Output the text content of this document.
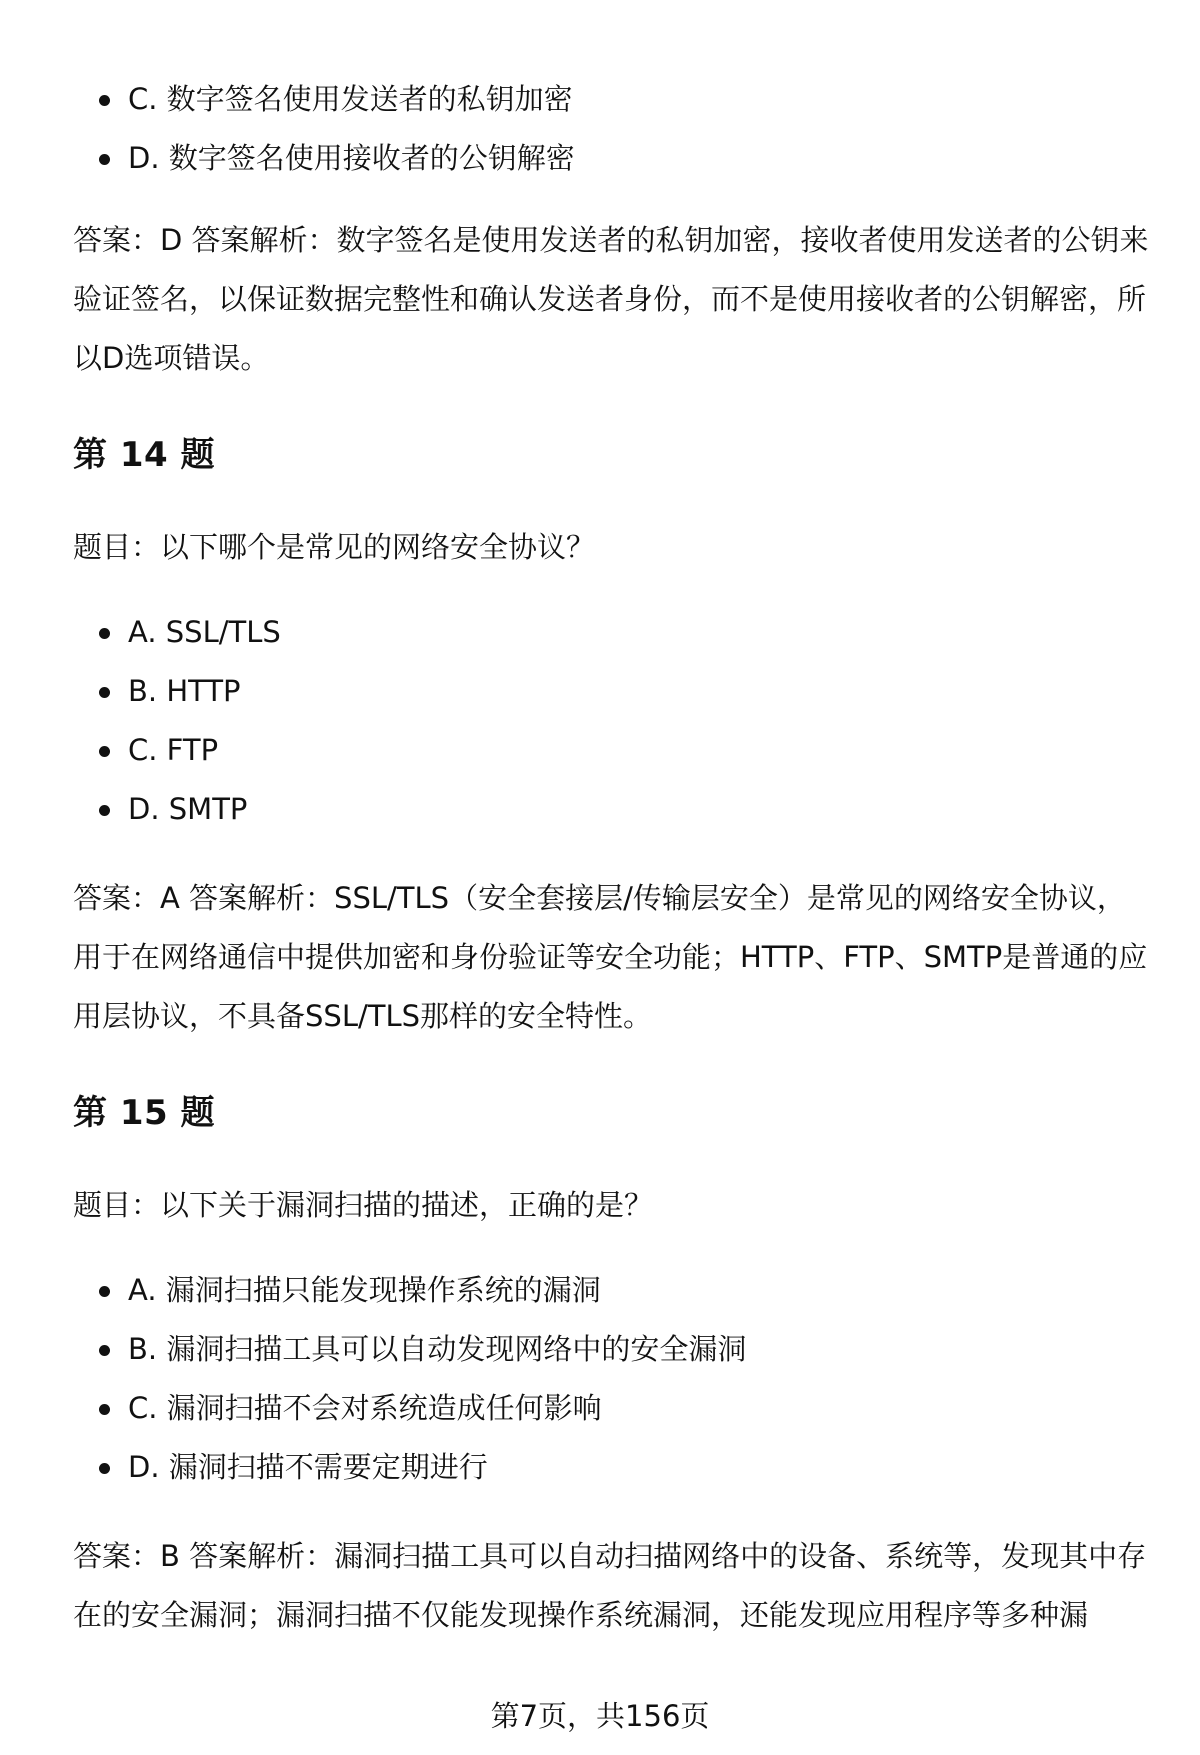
C. 数字签名使用发送者的私钥加密
D. 数字签名使用接收者的公钥解密

答案：D 答案解析：数字签名是使用发送者的私钥加密，接收者使用发送者的公钥来验证签名，以保证数据完整性和确认发送者身份，而不是使用接收者的公钥解密，所以D选项错误。

第 14 题

题目：以下哪个是常见的网络安全协议？

A. SSL/TLS
B. HTTP
C. FTP
D. SMTP

答案：A 答案解析：SSL/TLS（安全套接层/传输层安全）是常见的网络安全协议，用于在网络通信中提供加密和身份验证等安全功能；HTTP、FTP、SMTP是普通的应用层协议，不具备SSL/TLS那样的安全特性。

第 15 题

题目：以下关于漏洞扫描的描述，正确的是？

A. 漏洞扫描只能发现操作系统的漏洞
B. 漏洞扫描工具可以自动发现网络中的安全漏洞
C. 漏洞扫描不会对系统造成任何影响
D. 漏洞扫描不需要定期进行

答案：B 答案解析：漏洞扫描工具可以自动扫描网络中的设备、系统等，发现其中存在的安全漏洞；漏洞扫描不仅能发现操作系统漏洞，还能发现应用程序等多种漏

第7页，共156页
